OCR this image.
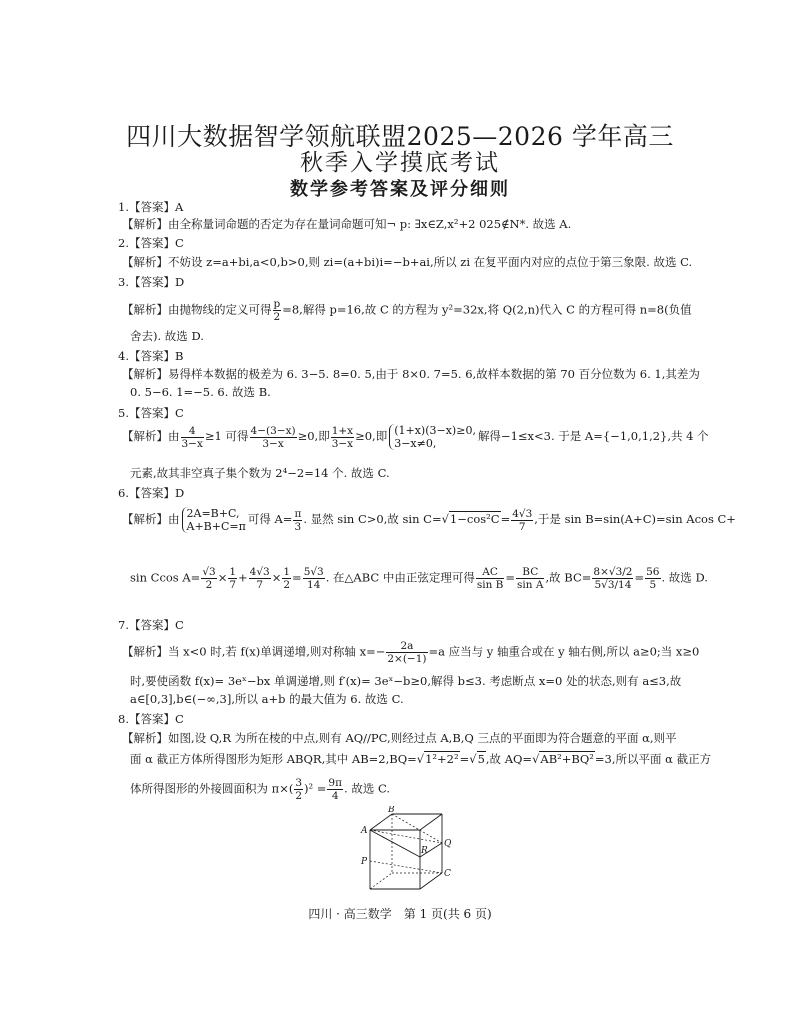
四川大数据智学领航联盟2025—2026 学年高三
秋季入学摸底考试
数学参考答案及评分细则
1.【答案】A
【解析】由全称量词命题的否定为存在量词命题可知¬ p: ∃x∈Z,x²+2 025∉N*. 故选 A.
2.【答案】C
【解析】不妨设 z=a+bi,a<0,b>0,则 zi=(a+bi)i=−b+ai,所以 zi 在复平面内对应的点位于第三象限. 故选 C.
3.【答案】D
【解析】由抛物线的定义可得 $\frac{p}{2} =8$,解得 p=16,故 C 的方程为 y²=32x,将 Q(2,n)代入 C 的方程可得 n=8(负值
舍去). 故选 D.
4.【答案】B
【解析】易得样本数据的极差为 6. 3−5. 8=0. 5,由于 8×0. 7=5. 6,故样本数据的第 70 百分位数为 6. 1,其差为
0. 5−6. 1=−5. 6. 故选 B.
5.【答案】C
【解析】由 $\frac{4}{3-x} \ge 1$ 可得 $\frac{4-(3-x)}{3-x} \ge 0$,即 $\frac{1+x}{3-x} \ge 0$,即 (1+x)(3−x)≥0,
3−x≠0,
解得−1≤x<3. 于是 A={−1,0,1,2},共 4 个
元素,故其非空真子集个数为 2⁴−2=14 个. 故选 C.
6.【答案】D
【解析】由 2A=B+C,
A+B+C=π
可得 $A= \frac{\pi}{3}$ . 显然 sin C>0,故 $\sin C=√1-\cos^2C= \frac{4√3}{7}$ ,于是 sin B=sin(A+C)=sin Acos C+
sin Ccos $A= \frac{√3}{2} \times \frac{1}{7} + \frac{4√3}{7} \times \frac{1}{2} = \frac{5√3}{14}$ . 在△ABC 中由正弦定理可得 $\frac{AC}{\text{sin B}} = \frac{BC}{\text{sin A}}$ ,故 $BC= \frac{8\times√3/2}{5√3/14} = \frac{56}{5}$ . 故选 D.
7.【答案】C
【解析】当 x<0 时,若 f(x)单调递增,则对称轴 $x=- \frac{2a}{2\times(-1)} =a$ 应当与 y 轴重合或在 y 轴右侧,所以 a≥0;当 x≥0
时,要使函数 f(x)= 3eˣ−bx 单调递增,则 f′(x)= 3eˣ−b≥0,解得 b≤3. 考虑断点 x=0 处的状态,则有 a≤3,故
a∈[0,3],b∈(−∞,3],所以 a+b 的最大值为 6. 故选 C.
8.【答案】C
【解析】如图,设 Q,R 为所在棱的中点,则有 AQ//PC,则经过点 A,B,Q 三点的平面即为符合题意的平面 α,则平
面 α 截正方体所得图形为矩形 ABQR,其中 AB=2,BQ=√1²+2²=√5,故 AQ=√AB²+BQ²=3,所以平面 α 截正方
体所得图形的外接圆面积为 $\pi\times( \frac{3}{2} )^2 = \frac{9\pi}{4}$ . 故选 C.
B
A
Q
R
P
C
四川 · 高三数学　第 1 页(共 6 页)
